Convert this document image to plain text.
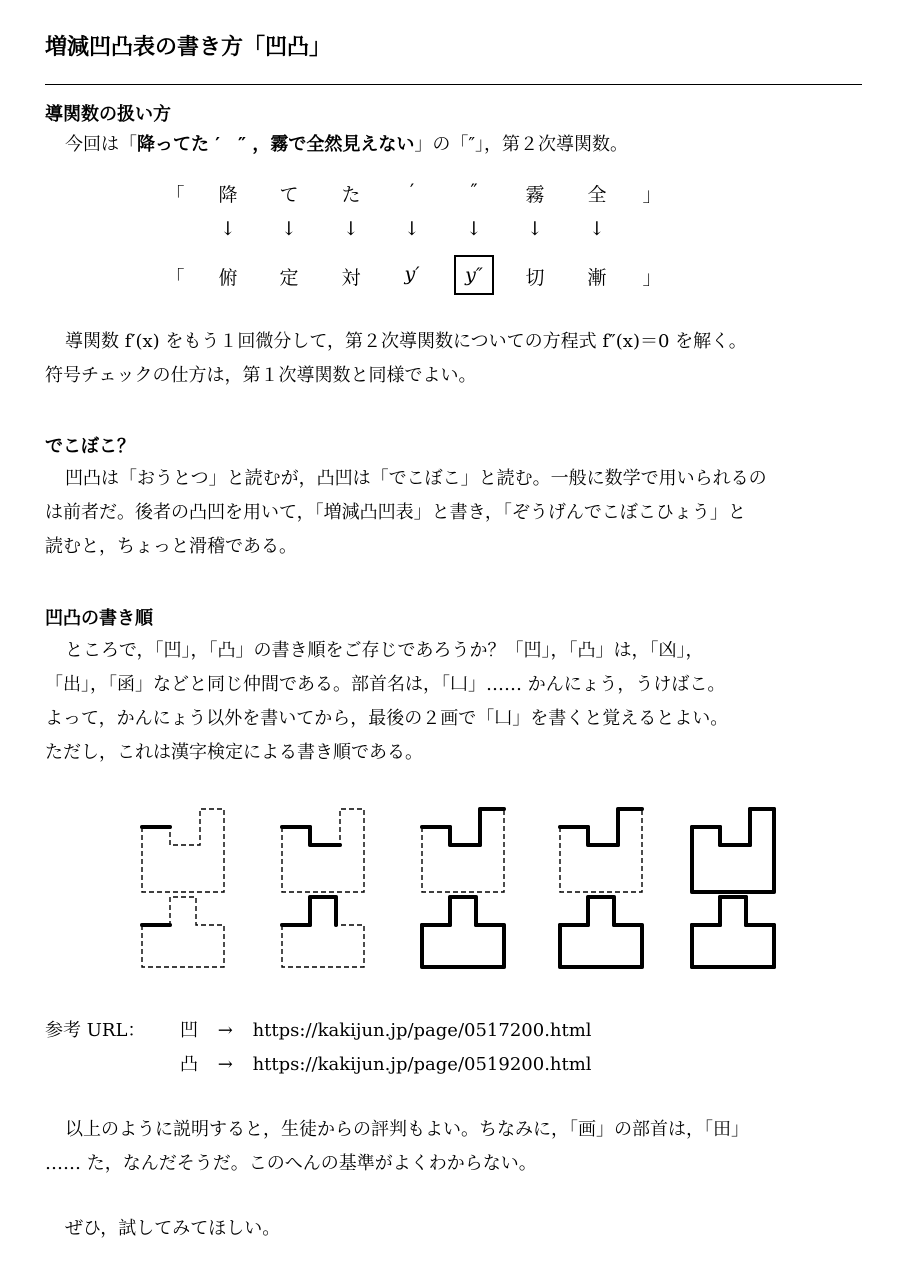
増減凹凸表の書き方「凹凸」
導関数の扱い方

今回は「降ってた ′　″ ，霧で全然見えない」の「″」，第２次導関数。

「	降	て	た	′	″	霧	全	」
↓	↓	↓	↓	↓	↓	↓
「	俯	定	対	y′	y″	切	漸	」

導関数 f′(x) をもう１回微分して，第２次導関数についての方程式 f″(x)＝0 を解く。

符号チェックの仕方は，第１次導関数と同様でよい。

でこぼこ？

凹凸は「おうとつ」と読むが，凸凹は「でこぼこ」と読む。一般に数学で用いられるの

は前者だ。後者の凸凹を用いて，「増減凸凹表」と書き，「ぞうげんでこぼこひょう」と

読むと，ちょっと滑稽である。

凹凸の書き順

ところで，「凹」，「凸」の書き順をご存じであろうか？「凹」，「凸」は，「凶」，

「出」，「函」などと同じ仲間である。部首名は，「凵」…… かんにょう，うけばこ。

よって，かんにょう以外を書いてから，最後の２画で「凵」を書くと覚えるとよい。

ただし，これは漢字検定による書き順である。

参考 URL： 凹 → https://kakijun.jp/page/0517200.html
凸 → https://kakijun.jp/page/0519200.html

以上のように説明すると，生徒からの評判もよい。ちなみに，「画」の部首は，「田」

…… た，なんだそうだ。このへんの基準がよくわからない。

ぜひ，試してみてほしい。
